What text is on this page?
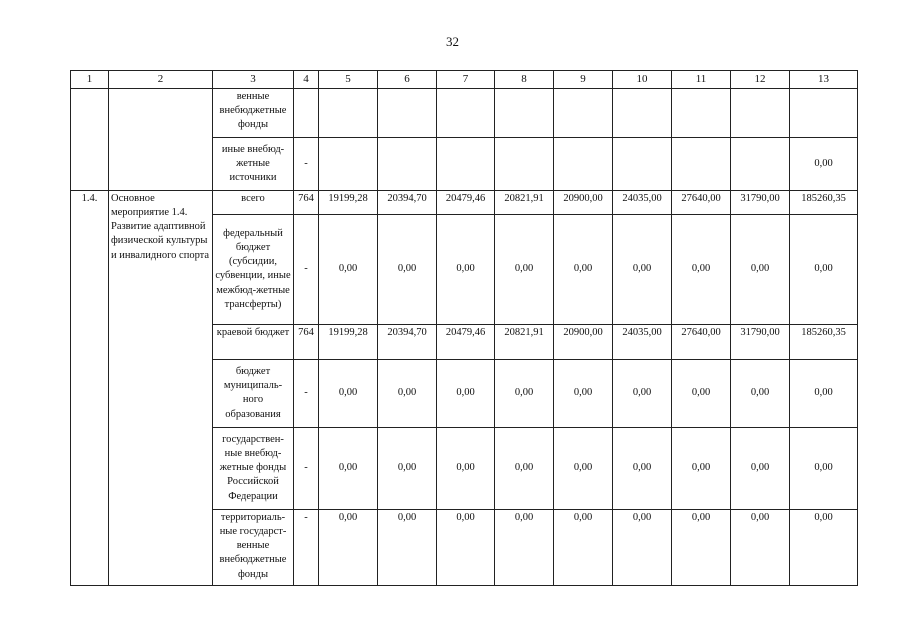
32
1	2	3	4	5	6	7	8	9	10	11	12	13
		венные внебюджетные фонды										
		иные внебюд-жетные источники	-									0,00
1.4.	Основное мероприятие 1.4. Развитие адаптивной физической культуры и инвалидного спорта	всего	764	19199,28	20394,70	20479,46	20821,91	20900,00	24035,00	27640,00	31790,00	185260,35
		федеральный бюджет (субсидии, субвенции, иные межбюд-жетные трансферты)	-	0,00	0,00	0,00	0,00	0,00	0,00	0,00	0,00	0,00
		краевой бюджет	764	19199,28	20394,70	20479,46	20821,91	20900,00	24035,00	27640,00	31790,00	185260,35
		бюджет муниципаль-ного образования	-	0,00	0,00	0,00	0,00	0,00	0,00	0,00	0,00	0,00
		государствен-ные внебюд-жетные фонды Российской Федерации	-	0,00	0,00	0,00	0,00	0,00	0,00	0,00	0,00	0,00
		территориаль-ные государст-венные внебюджетные фонды	-	0,00	0,00	0,00	0,00	0,00	0,00	0,00	0,00	0,00
